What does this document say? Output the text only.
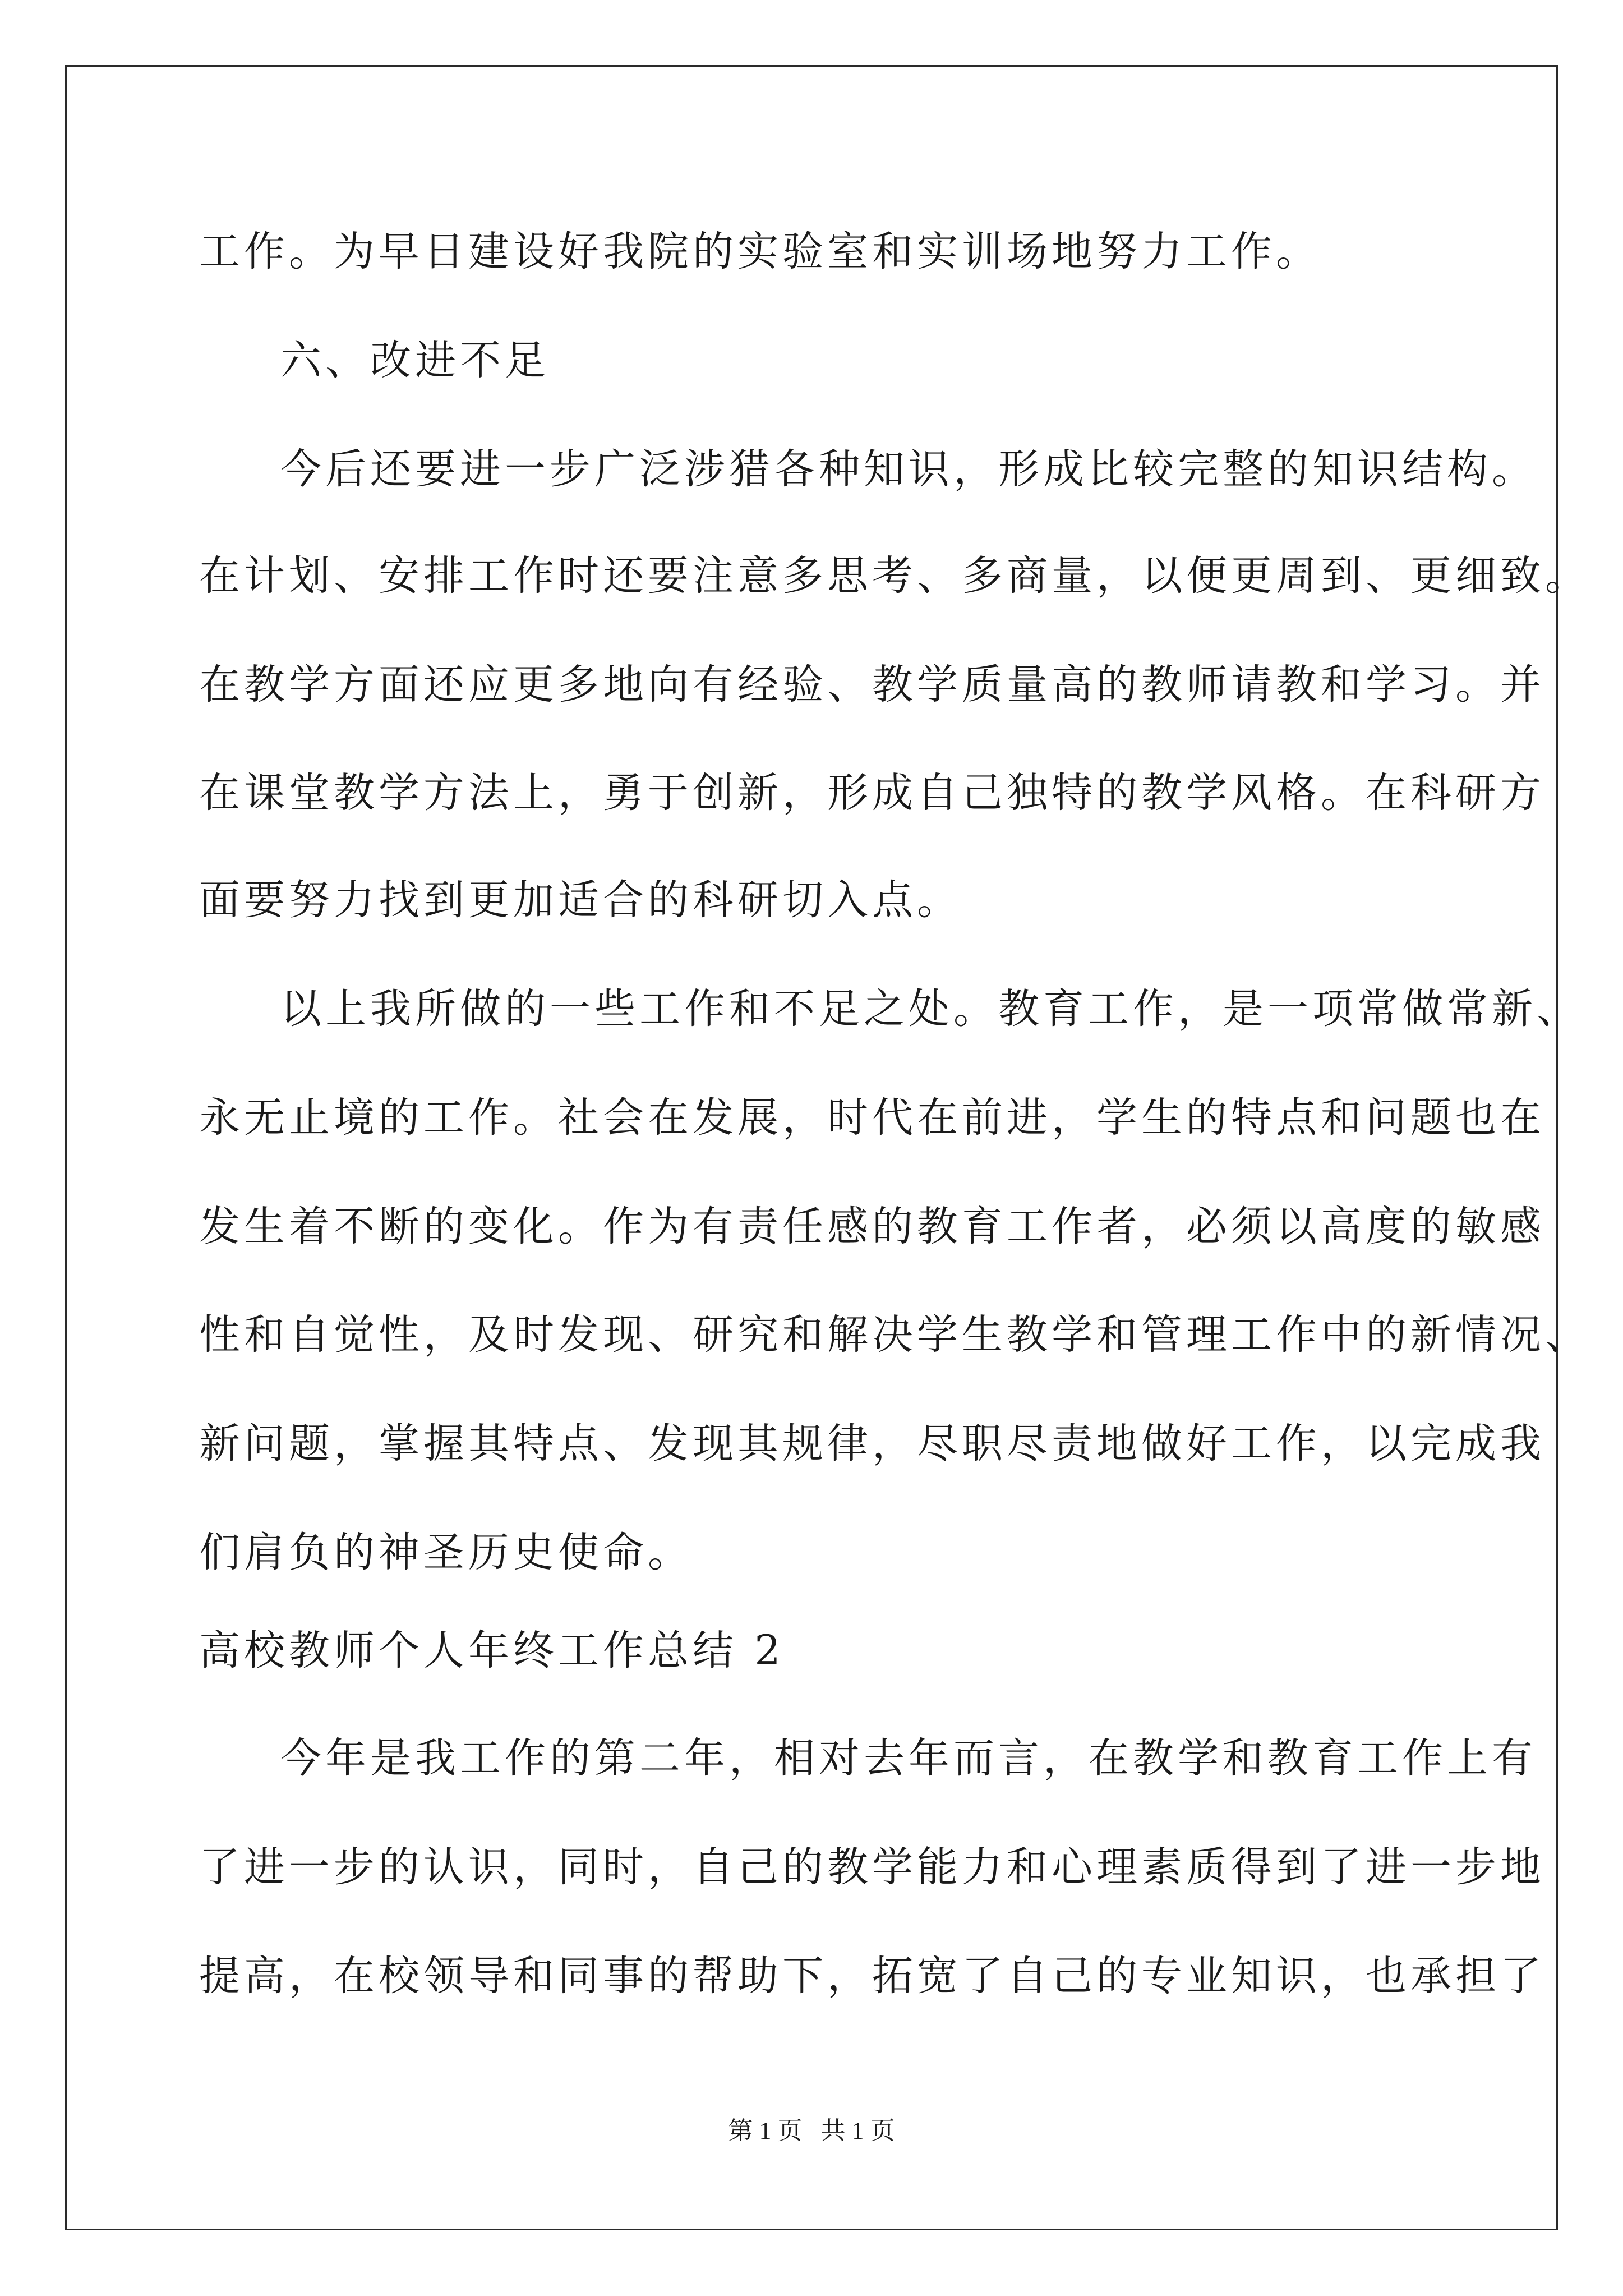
工作。为早日建设好我院的实验室和实训场地努力工作。
六、改进不足
今后还要进一步广泛涉猎各种知识，形成比较完整的知识结构。
在计划、安排工作时还要注意多思考、多商量，以便更周到、更细致。
在教学方面还应更多地向有经验、教学质量高的教师请教和学习。并
在课堂教学方法上，勇于创新，形成自己独特的教学风格。在科研方
面要努力找到更加适合的科研切入点。
以上我所做的一些工作和不足之处。教育工作，是一项常做常新、
永无止境的工作。社会在发展，时代在前进，学生的特点和问题也在
发生着不断的变化。作为有责任感的教育工作者，必须以高度的敏感
性和自觉性，及时发现、研究和解决学生教学和管理工作中的新情况、
新问题，掌握其特点、发现其规律，尽职尽责地做好工作，以完成我
们肩负的神圣历史使命。
高校教师个人年终工作总结 2
今年是我工作的第二年，相对去年而言，在教学和教育工作上有
了进一步的认识，同时，自己的教学能力和心理素质得到了进一步地
提高，在校领导和同事的帮助下，拓宽了自己的专业知识，也承担了
第 1 页   共 1 页
